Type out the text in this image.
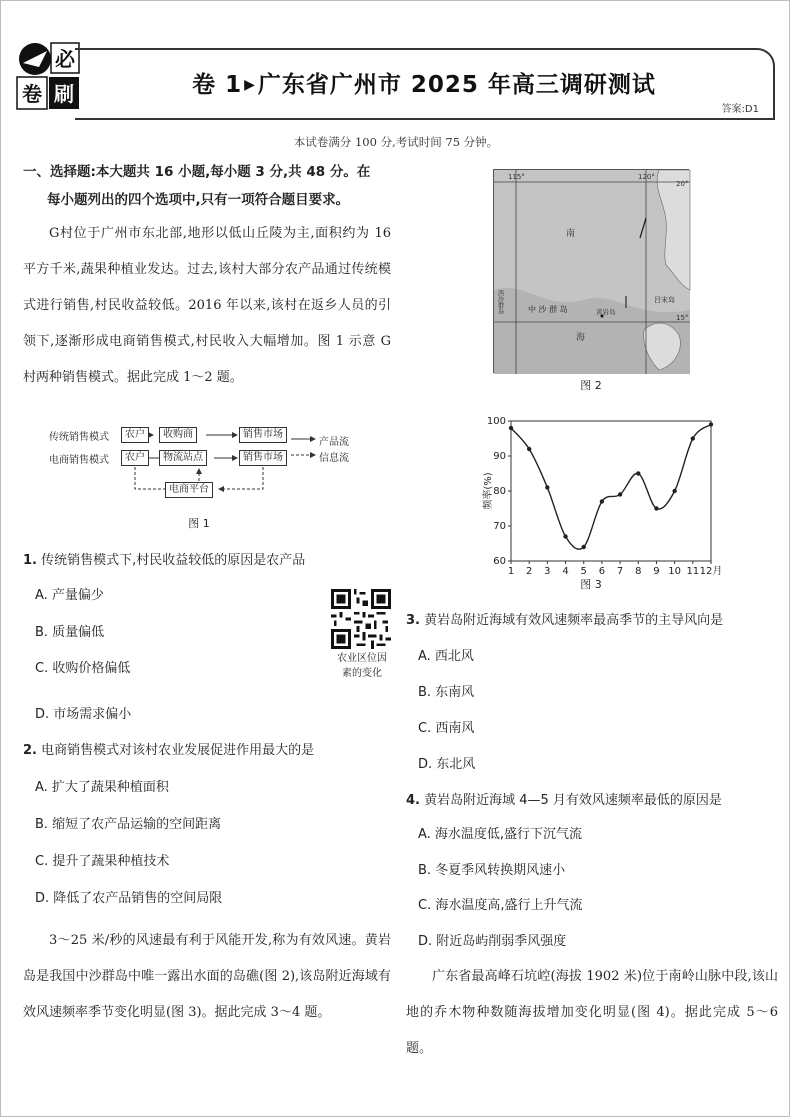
必
卷 刷	卷 1 ▶广东省广州市 2025 年高三调研测试
答案:D1
本试卷满分 100 分,考试时间 75 分钟。
一、选择题:本大题共 16 小题,每小题 3 分,共 48 分。在
每小题列出的四个选项中,只有一项符合题目要求。
G村位于广州市东北部,地形以低山丘陵为主,面积约为 16 平方千米,蔬果种植业发达。过去,该村大部分农产品通过传统模式进行销售,村民收益较低。2016 年以来,该村在返乡人员的引领下,逐渐形成电商销售模式,村民收入大幅增加。图 1 示意 G 村两种销售模式。据此完成 1～2 题。
传统销售模式
电商销售模式
农户	收购商	销售市场
农户	物流站点	销售市场
电商平台
产品流
信息流
图 1
1. 传统销售模式下,村民收益较低的原因是农产品
A. 产量偏少
B. 质量偏低
C. 收购价格偏低
D. 市场需求偏小
农业区位因
素的变化
2. 电商销售模式对该村农业发展促进作用最大的是
A. 扩大了蔬果种植面积
B. 缩短了农产品运输的空间距离
C. 提升了蔬果种植技术
D. 降低了农产品销售的空间局限
3～25 米/秒的风速最有利于风能开发,称为有效风速。黄岩岛是我国中沙群岛中唯一露出水面的岛礁(图 2),该岛附近海域有效风速频率季节变化明显(图 3)。据此完成 3～4 题。
115°	120°
20°
15°
南
海
中 沙 群 岛	黄岩岛
吕宋岛
西沙群岛
图 2
60
70
80
90
100
1 2 3 4 5 6 7 8 9 10 11 12月
频率(%)
图 3
3. 黄岩岛附近海域有效风速频率最高季节的主导风向是
A. 西北风
B. 东南风
C. 西南风
D. 东北风
4. 黄岩岛附近海域 4—5 月有效风速频率最低的原因是
A. 海水温度低,盛行下沉气流
B. 冬夏季风转换期风速小
C. 海水温度高,盛行上升气流
D. 附近岛屿削弱季风强度
广东省最高峰石坑崆(海拔 1902 米)位于南岭山脉中段,该山地的乔木物种数随海拔增加变化明显(图 4)。据此完成 5～6 题。
